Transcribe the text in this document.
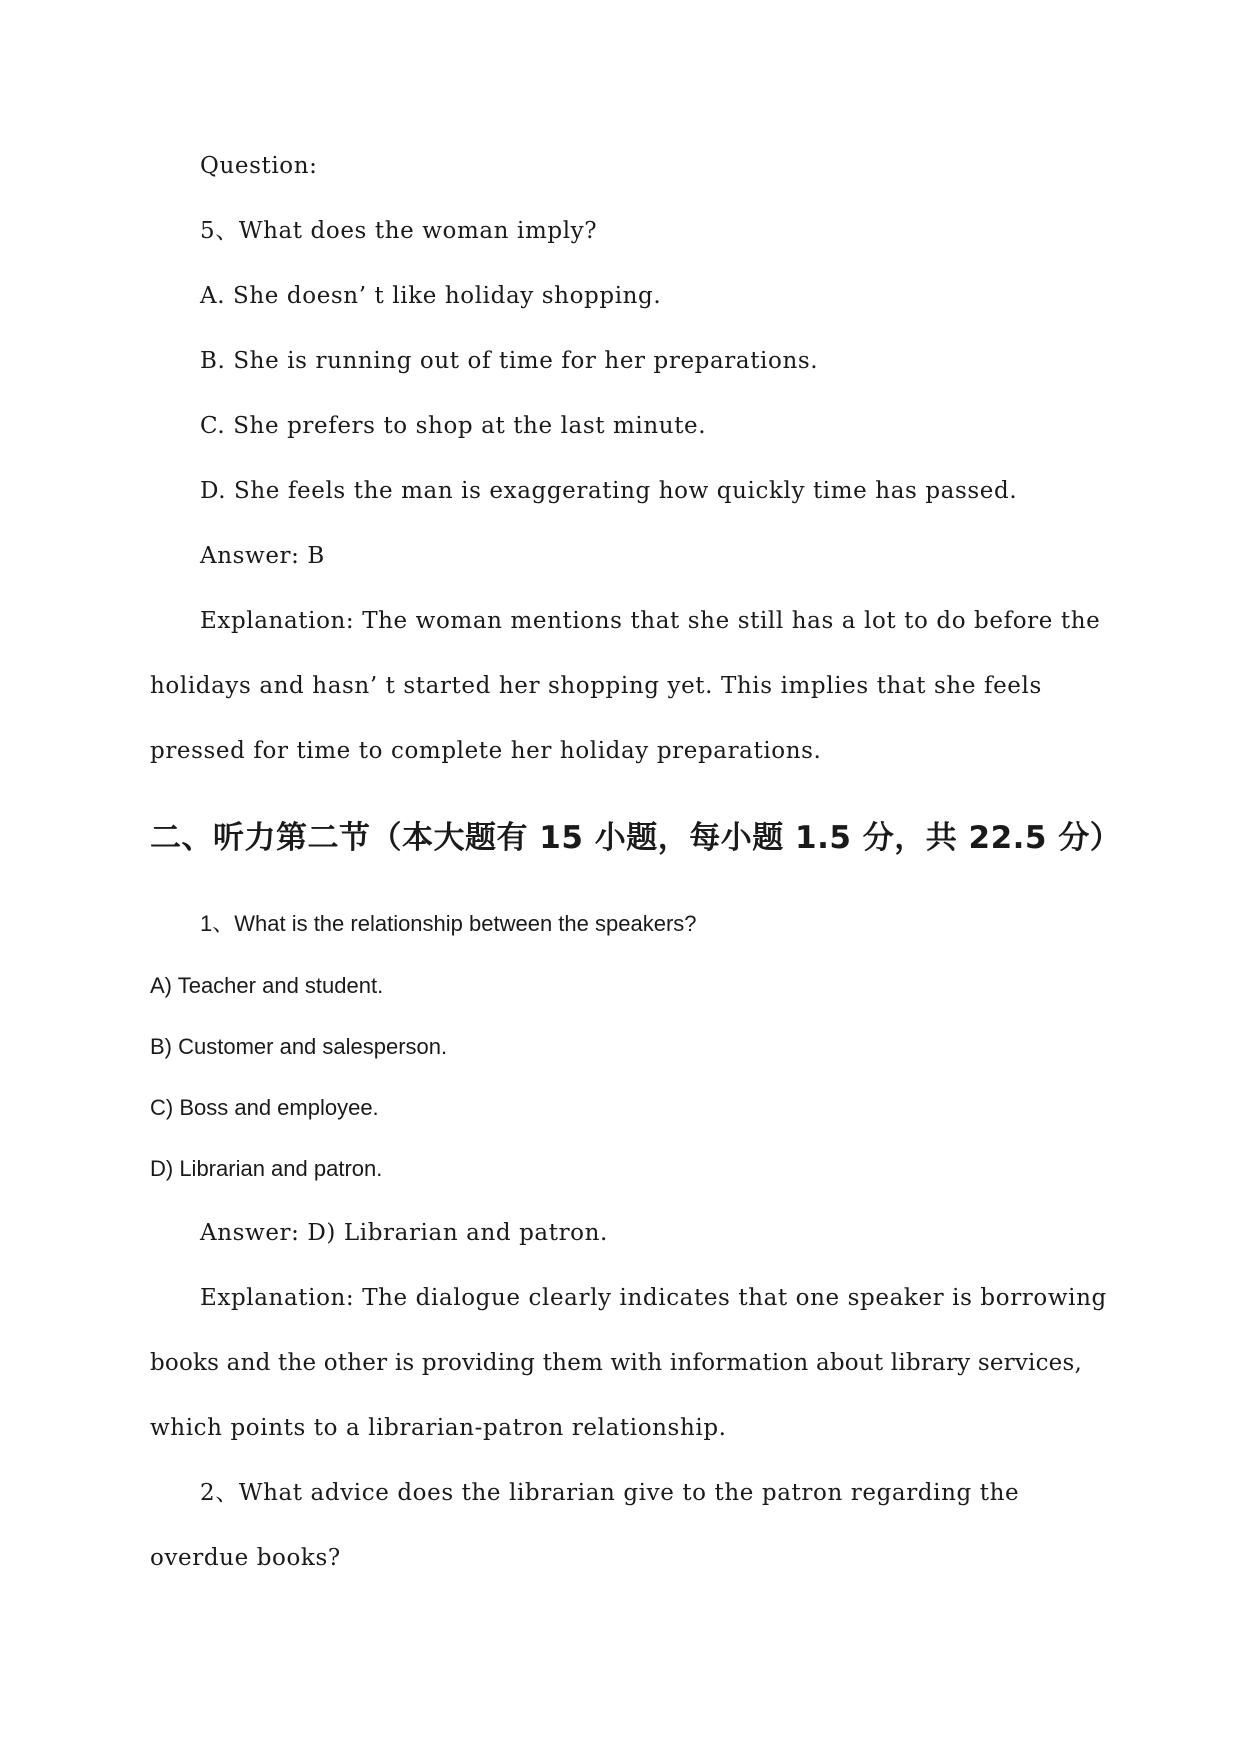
Question:
5、What does the woman imply?
A. She doesn’ t like holiday shopping.
B. She is running out of time for her preparations.
C. She prefers to shop at the last minute.
D. She feels the man is exaggerating how quickly time has passed.
Answer: B
Explanation: The woman mentions that she still has a lot to do before the
holidays and hasn’ t started her shopping yet. This implies that she feels
pressed for time to complete her holiday preparations.
二、听力第二节（本大题有 15 小题，每小题 1.5 分，共 22.5 分）
1、What is the relationship between the speakers?
A) Teacher and student.
B) Customer and salesperson.
C) Boss and employee.
D) Librarian and patron.
Answer: D) Librarian and patron.
Explanation: The dialogue clearly indicates that one speaker is borrowing
books and the other is providing them with information about library services,
which points to a librarian-patron relationship.
2、What advice does the librarian give to the patron regarding the
overdue books?
